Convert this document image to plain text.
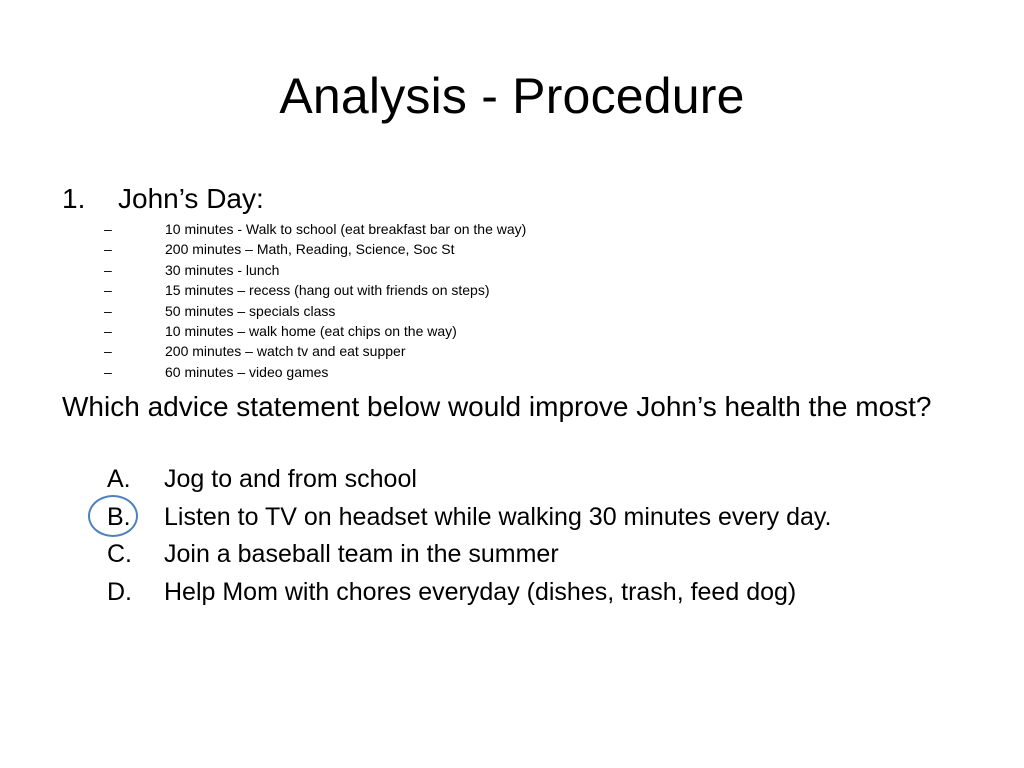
Analysis - Procedure
1. John’s Day:
–	10 minutes - Walk to school (eat breakfast bar on the way)
–	200 minutes – Math, Reading, Science, Soc St
–	30 minutes - lunch
–	15 minutes – recess (hang out with friends on steps)
–	50 minutes – specials class
–	10 minutes – walk home (eat chips on the way)
–	200 minutes – watch tv and eat supper
–	60 minutes – video games
Which advice statement below would improve John’s health the most?
A. Jog to and from school
B. Listen to TV on headset while walking 30 minutes every day.
C. Join a baseball team in the summer
D. Help Mom with chores everyday (dishes, trash, feed dog)
